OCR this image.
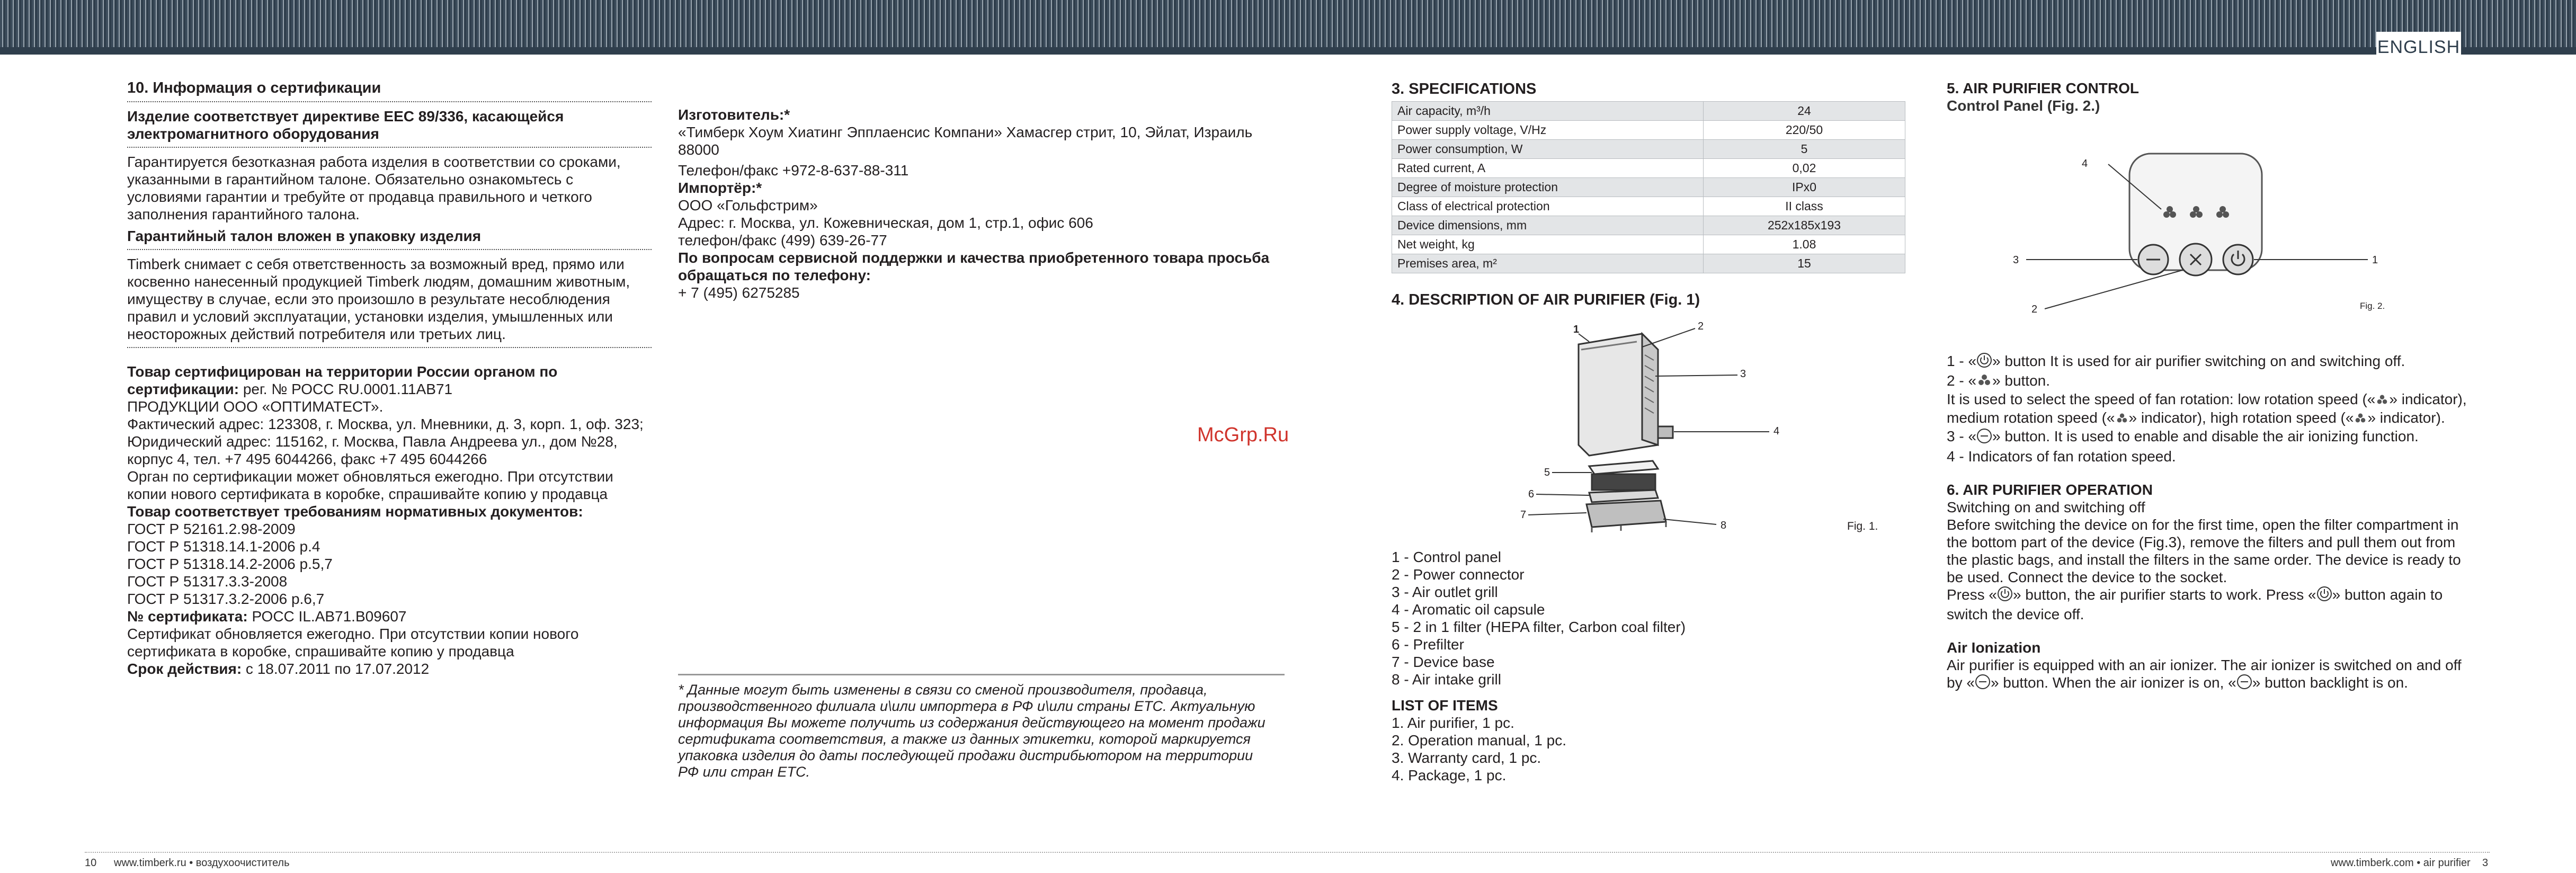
ENGLISH
McGrp.Ru
10. Информация о сертификации

Изделие соответствует директиве ЕЕС 89/336, касающейся электромагнитного оборудования

Гарантируется безотказная работа изделия в соответствии со сроками, указанными в гарантийном талоне. Обязательно ознакомьтесь с условиями гарантии и требуйте от продавца правильного и четкого заполнения гарантийного талона.

Гарантийный талон вложен в упаковку изделия

Timberk снимает с себя ответственность за возможный вред, прямо или косвенно нанесенный продукцией Timberk людям, домашним животным, имуществу в случае, если это произошло в результате несоблюдения правил и условий эксплуатации, установки изделия, умышленных или неосторожных действий потребителя или третьих лиц.

Товар сертифицирован на территории России органом по сертификации: рег. № РОСС RU.0001.11АВ71

ПРОДУКЦИИ ООО «ОПТИМАТЕСТ».

Фактический адрес: 123308, г. Москва, ул. Мневники, д. 3, корп. 1, оф. 323; Юридический адрес: 115162, г. Москва, Павла Андреева ул., дом №28, корпус 4, тел. +7 495 6044266, факс +7 495 6044266

Орган по сертификации может обновляться ежегодно. При отсутствии копии нового сертификата в коробке, спрашивайте копию у продавца

Товар соответствует требованиям нормативных документов:

ГОСТ Р 52161.2.98-2009

ГОСТ Р 51318.14.1-2006 р.4

ГОСТ Р 51318.14.2-2006 р.5,7

ГОСТ Р 51317.3.3-2008

ГОСТ Р 51317.3.2-2006 р.6,7

№ сертификата: РОСС IL.АВ71.В09607

Сертификат обновляется ежегодно. При отсутствии копии нового сертификата в коробке, спрашивайте копию у продавца

Срок действия: с 18.07.2011 по 17.07.2012

Изготовитель:*

«Тимберк Хоум Хиатинг Эпплаенсис Компани» Хамасгер стрит, 10, Эйлат, Израиль 88000

Телефон/факс +972-8-637-88-311

Импортёр:*

ООО «Гольфстрим»

Адрес: г. Москва, ул. Кожевническая, дом 1, стр.1, офис 606

телефон/факс (499) 639-26-77

По вопросам сервисной поддержки и качества приобретенного товара просьба обращаться по телефону:

+ 7 (495) 6275285

* Данные могут быть изменены в связи со сменой производителя, продавца, производственного филиала и\или импортера в РФ и\или страны ЕТС. Актуальную информация Вы можете получить из содержания действующего на момент продажи сертификата соответствия, а также из данных этикетки, которой маркируется упаковка изделия до даты последующей продажи дистрибьютором на территории РФ или стран ЕТС.
3. SPECIFICATIONS
Air capacity, m³/h	24
Power supply voltage, V/Hz	220/50
Power consumption, W	5
Rated current, A	0,02
Degree of moisture protection	IPx0
Class of electrical protection	II class
Device dimensions, mm	252x185x193
Net weight, kg	1.08
Premises area, m²	15
4. DESCRIPTION OF AIR PURIFIER (Fig. 1)
1	2
3
4
5
6
7
8	Fig. 1.

1 - Control panel

2 - Power connector

3 - Air outlet grill

4 - Aromatic oil capsule

5 - 2 in 1 filter (HEPA filter, Carbon coal filter)

6 - Prefilter

7 - Device base

8 - Air intake grill

LIST OF ITEMS

1. Air purifier, 1 pc.

2. Operation manual, 1 pc.

3. Warranty card, 1 pc.

4. Package, 1 pc.

5. AIR PURIFIER CONTROL

Control Panel (Fig. 2.)

4
3	1
2	Fig. 2.

1 - « » button It is used for air purifier switching on and switching off.

2 - « » button.

It is used to select the speed of fan rotation: low rotation speed (« » indicator), medium rotation speed (« » indicator), high rotation speed (« » indicator).

3 - « » button. It is used to enable and disable the air ionizing function.

4 - Indicators of fan rotation speed.

6. AIR PURIFIER OPERATION

Switching on and switching off

Before switching the device on for the first time, open the filter compartment in the bottom part of the device (Fig.3), remove the filters and pull them out from the plastic bags, and install the filters in the same order. The device is ready to be used. Connect the device to the socket.

Press « » button, the air purifier starts to work. Press « » button again to switch the device off.

Air Ionization

Air purifier is equipped with an air ionizer. The air ionizer is switched on and off by « » button. When the air ionizer is on, « » button backlight is on.

10 www.timberk.ru • воздухоочиститель	www.timberk.com • air purifier 3
